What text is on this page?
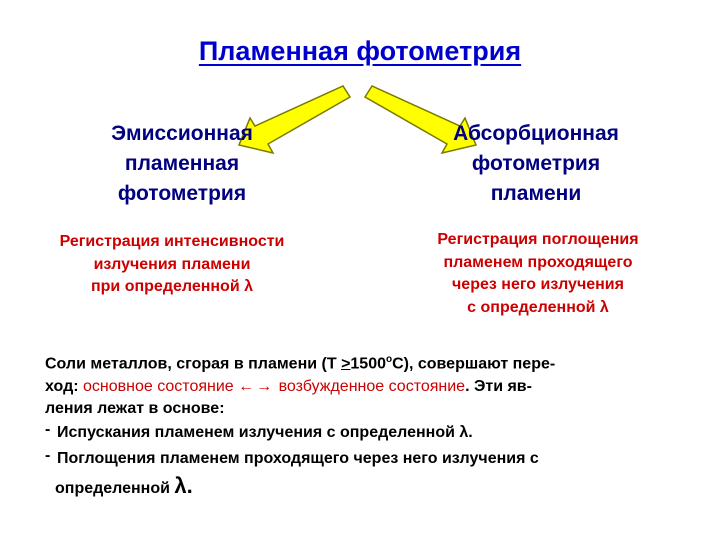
Пламенная фотометрия
Эмиссионная
пламенная
фотометрия
Абсорбционная
фотометрия
пламени
Регистрация интенсивности
излучения пламени
при определенной λ
Регистрация поглощения
пламенем проходящего
через него излучения
с определенной λ
Соли металлов, сгорая в пламени $(Т \ge 1500^оС)$, совершают пере-
ход: основное состояние ←→ возбужденное состояние. Эти яв-
ления лежат в основе:
- Испускания пламенем излучения с определенной λ.
- Поглощения пламенем проходящего через него излучения с
определенной λ.
